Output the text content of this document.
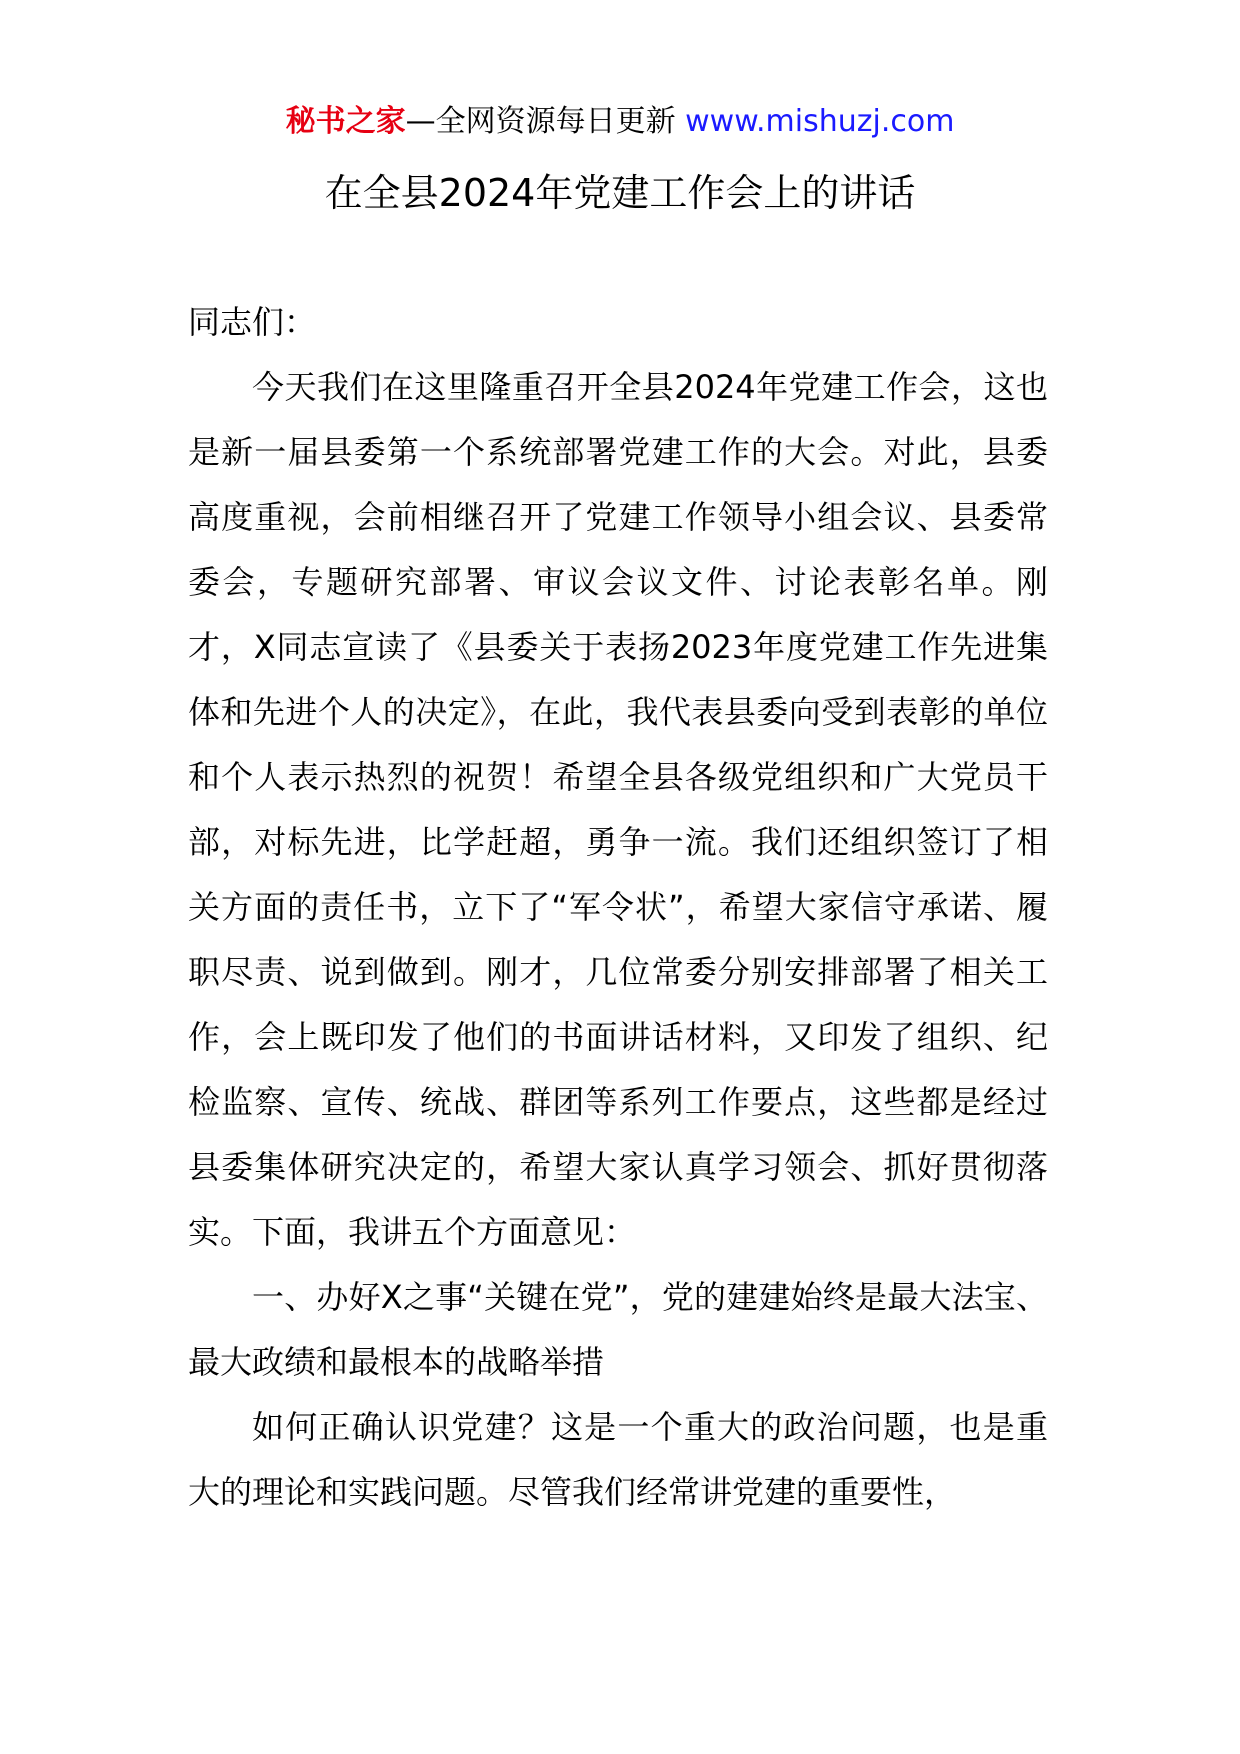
秘书之家—全网资源每日更新 www.mishuzj.com
在全县2024年党建工作会上的讲话

同志们：

今天我们在这里隆重召开全县2024年党建工作会，这也是新一届县委第一个系统部署党建工作的大会。对此，县委高度重视，会前相继召开了党建工作领导小组会议、县委常委会，专题研究部署、审议会议文件、讨论表彰名单。刚才，X同志宣读了《县委关于表扬2023年度党建工作先进集体和先进个人的决定》，在此，我代表县委向受到表彰的单位和个人表示热烈的祝贺！希望全县各级党组织和广大党员干部，对标先进，比学赶超，勇争一流。我们还组织签订了相关方面的责任书，立下了“军令状”，希望大家信守承诺、履职尽责、说到做到。刚才，几位常委分别安排部署了相关工作，会上既印发了他们的书面讲话材料，又印发了组织、纪检监察、宣传、统战、群团等系列工作要点，这些都是经过县委集体研究决定的，希望大家认真学习领会、抓好贯彻落实。下面，我讲五个方面意见：

一、办好X之事“关键在党”，党的建建始终是最大法宝、最大政绩和最根本的战略举措

如何正确认识党建？这是一个重大的政治问题，也是重大的理论和实践问题。尽管我们经常讲党建的重要性，
